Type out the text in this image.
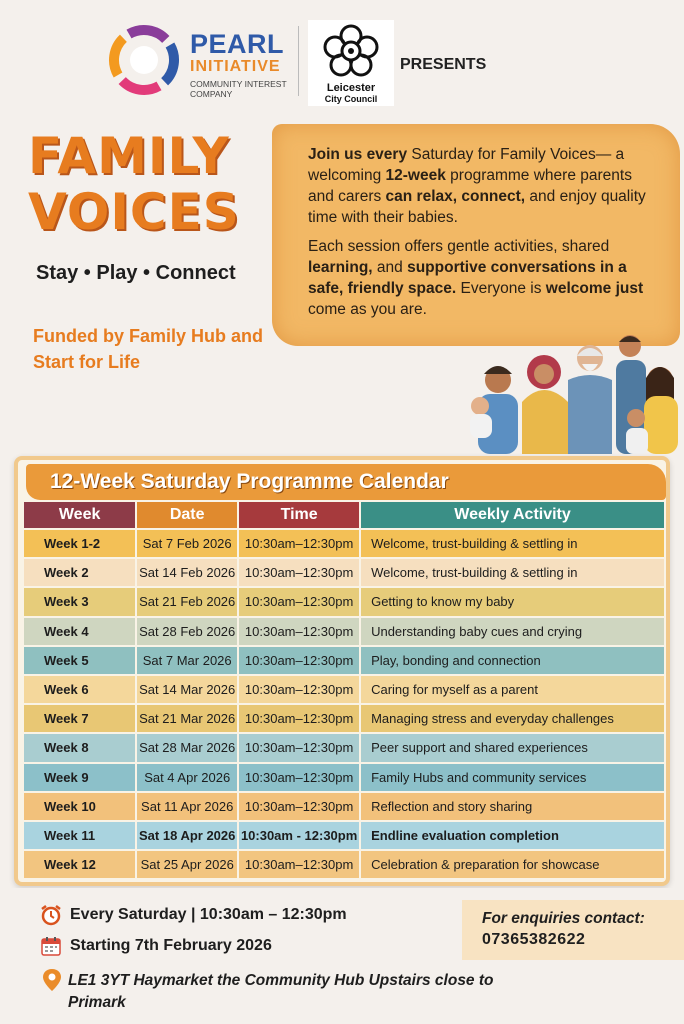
PEARL
INITIATIVE
COMMUNITY INTEREST
COMPANY	Leicester
City Council
PRESENTS
FAMILY
VOICES
Stay • Play • Connect
Funded by Family Hub and Start for Life

Join us every Saturday for Family Voices— a welcoming 12-week programme where parents and carers can relax, connect, and enjoy quality time with their babies.

Each session offers gentle activities, shared learning, and supportive conversations in a safe, friendly space. Everyone is welcome just come as you are.

12-Week Saturday Programme Calendar
Week	Date	Time	Weekly Activity
Week 1-2	Sat 7 Feb 2026	10:30am–12:30pm	Welcome, trust-building & settling in
Week 2	Sat 14 Feb 2026	10:30am–12:30pm	Welcome, trust-building & settling in
Week 3	Sat 21 Feb 2026	10:30am–12:30pm	Getting to know my baby
Week 4	Sat 28 Feb 2026	10:30am–12:30pm	Understanding baby cues and crying
Week 5	Sat 7 Mar 2026	10:30am–12:30pm	Play, bonding and connection
Week 6	Sat 14 Mar 2026	10:30am–12:30pm	Caring for myself as a parent
Week 7	Sat 21 Mar 2026	10:30am–12:30pm	Managing stress and everyday challenges
Week 8	Sat 28 Mar 2026	10:30am–12:30pm	Peer support and shared experiences
Week 9	Sat 4 Apr 2026	10:30am–12:30pm	Family Hubs and community services
Week 10	Sat 11 Apr 2026	10:30am–12:30pm	Reflection and story sharing
Week 11	Sat 18 Apr 2026	10:30am - 12:30pm	Endline evaluation completion
Week 12	Sat 25 Apr 2026	10:30am–12:30pm	Celebration & preparation for showcase
Every Saturday | 10:30am – 12:30pm
Starting 7th February 2026
LE1 3YT Haymarket the Community Hub Upstairs close to Primark
For enquiries contact:
07365382622
